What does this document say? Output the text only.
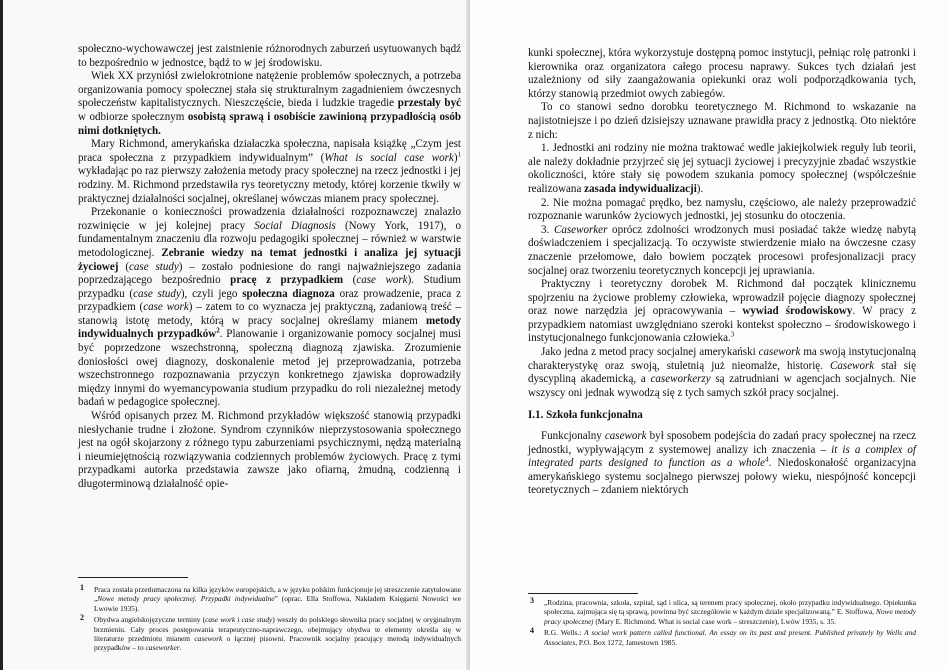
społeczno-wychowawczej jest zaistnienie różnorodnych zaburzeń usytuowanych bądź to bezpośrednio w jednostce, bądź to w jej środowisku.

Wiek XX przyniósł zwielokrotnione natężenie problemów społecznych, a potrzeba organizowania pomocy społecznej stała się strukturalnym zagadnieniem ówczesnych społeczeństw kapitalistycznych. Nieszczęście, bieda i ludzkie tragedie przestały być w odbiorze społecznym osobistą sprawą i osobiście zawinioną przypadłością osób nimi dotkniętych.

Mary Richmond, amerykańska działaczka społeczna, napisała książkę „Czym jest praca społeczna z przypadkiem indywidualnym” (What is social case work)$^1$ wykładając po raz pierwszy założenia metody pracy społecznej na rzecz jednostki i jej rodziny. M. Richmond przedstawiła rys teoretyczny metody, której korzenie tkwiły w praktycznej działalności socjalnej, określanej wówczas mianem pracy społecznej.

Przekonanie o konieczności prowadzenia działalności rozpoznawczej znalazło rozwinięcie w jej kolejnej pracy Social Diagnosis (Nowy York, 1917), o fundamentalnym znaczeniu dla rozwoju pedagogiki społecznej – również w warstwie metodologicznej. Zebranie wiedzy na temat jednostki i analiza jej sytuacji życiowej (case study) – zostało podniesione do rangi najważniejszego zadania poprzedzającego bezpośrednio pracę z przypadkiem (case work). Studium przypadku (case study), czyli jego społeczna diagnoza oraz prowadzenie, praca z przypadkiem (case work) – zatem to co wyznacza jej praktyczną, zadaniową treść – stanowią istotę metody, którą w pracy socjalnej określamy mianem metody indywidualnych przypadków$^2$. Planowanie i organizowanie pomocy socjalnej musi być poprzedzone wszechstronną, społeczną diagnozą zjawiska. Zrozumienie doniosłości owej diagnozy, doskonalenie metod jej przeprowadzania, potrzeba wszechstronnego rozpoznawania przyczyn konkretnego zjawiska doprowadziły między innymi do wyemancypowania studium przypadku do roli niezależnej metody badań w pedagogice społecznej.

Wśród opisanych przez M. Richmond przykładów większość stanowią przypadki niesłychanie trudne i złożone. Syndrom czynników nieprzystosowania społecznego jest na ogół skojarzony z różnego typu zaburzeniami psychicznymi, nędzą materialną i nieumiejętnością rozwiązywania codziennych problemów życiowych. Pracę z tymi przypadkami autorka przedstawia zawsze jako ofiarną, żmudną, codzienną i długoterminową działalność opie-

1 Praca została przetłumaczona na kilka języków europejskich, a w języku polskim funkcjonuje jej streszczenie zatytułowane „Nowe metody pracy społecznej. Przypadki indywidualne” (oprac. Ella Stoffowa, Nakładem Księgarni Nowości we Lwowie 1935).
2 Obydwa angielskojęzyczne terminy (case work i case study) weszły do polskiego słownika pracy socjalnej w oryginalnym brzmieniu. Cały proces postępowania terapeutyczno-naprawczego, obejmujący obydwa te elementy określa się w literaturze przedmiotu mianem casework o łącznej pisowni. Pracownik socjalny pracujący metodą indywidualnych przypadków – to caseworker.

kunki społecznej, która wykorzystuje dostępną pomoc instytucji, pełniąc rolę patronki i kierownika oraz organizatora całego procesu naprawy. Sukces tych działań jest uzależniony od siły zaangażowania opiekunki oraz woli podporządkowania tych, którzy stanowią przedmiot owych zabiegów.

To co stanowi sedno dorobku teoretycznego M. Richmond to wskazanie na najistotniejsze i po dzień dzisiejszy uznawane prawidła pracy z jednostką. Oto niektóre z nich:

1. Jednostki ani rodziny nie można traktować wedle jakiejkolwiek reguły lub teorii, ale należy dokładnie przyjrzeć się jej sytuacji życiowej i precyzyjnie zbadać wszystkie okoliczności, które stały się powodem szukania pomocy społecznej (współcześnie realizowana zasada indywidualizacji).

2. Nie można pomagać prędko, bez namysłu, częściowo, ale należy przeprowadzić rozpoznanie warunków życiowych jednostki, jej stosunku do otoczenia.

3. Caseworker oprócz zdolności wrodzonych musi posiadać także wiedzę nabytą doświadczeniem i specjalizacją. To oczywiste stwierdzenie miało na ówczesne czasy znaczenie przełomowe, dało bowiem początek procesowi profesjonalizacji pracy socjalnej oraz tworzeniu teoretycznych koncepcji jej uprawiania.

Praktyczny i teoretyczny dorobek M. Richmond dał początek klinicznemu spojrzeniu na życiowe problemy człowieka, wprowadził pojęcie diagnozy społecznej oraz nowe narzędzia jej opracowywania – wywiad środowiskowy. W pracy z przypadkiem natomiast uwzględniano szeroki kontekst społeczno – środowiskowego i instytucjonalnego funkcjonowania człowieka.$^3$

Jako jedna z metod pracy socjalnej amerykański casework ma swoją instytucjonalną charakterystykę oraz swoją, stuletnią już nieomalże, historię. Casework stał się dyscypliną akademicką, a caseworkerzy są zatrudniani w agencjach socjalnych. Nie wszyscy oni jednak wywodzą się z tych samych szkół pracy socjalnej.

I.1. Szkoła funkcjonalna

Funkcjonalny casework był sposobem podejścia do zadań pracy społecznej na rzecz jednostki, wypływającym z systemowej analizy ich znaczenia – it is a complex of integrated parts designed to function as a whole$^4$. Niedoskonałość organizacyjna amerykańskiego systemu socjalnego pierwszej połowy wieku, niespójność koncepcji teoretycznych – zdaniem niektórych

3 „Rodzina, pracownia, szkoła, szpital, sąd i ulica, są terenem pracy społecznej, około przypadku indywidualnego. Opiekunka społeczna, zajmująca się tą sprawą, powinna być szczegółowie w każdym dziale specjalizowaną.” E. Stoffowa, Nowe metody pracy społecznej (Mary E. Richmond. What is social case work – streszczenie), Lwów 1935, s. 35.
4 R.G. Wells.: A social work pattern called functional. An essay on its past and present. Published privately by Wells and Associates, P.O. Box 1272, Jamestown 1985.
